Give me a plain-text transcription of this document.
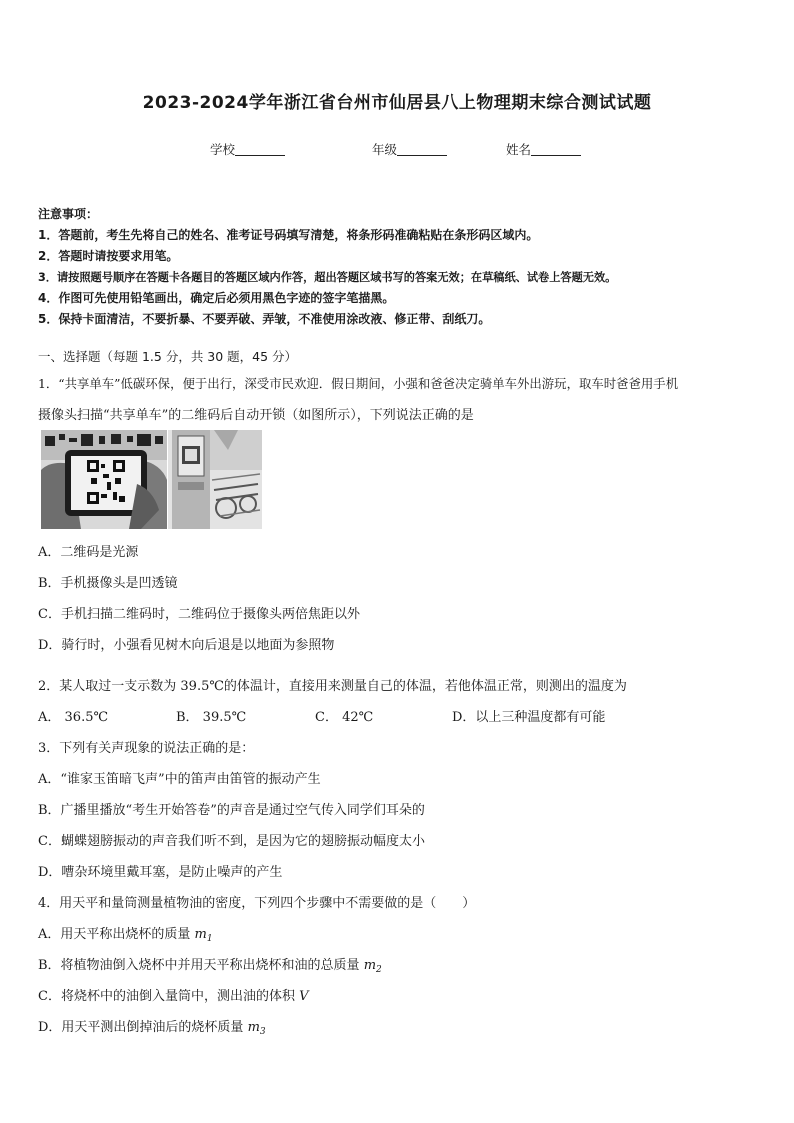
2023-2024学年浙江省台州市仙居县八上物理期末综合测试试题
学校	年级	姓名
注意事项：
1．答题前，考生先将自己的姓名、准考证号码填写清楚，将条形码准确粘贴在条形码区域内。
2．答题时请按要求用笔。
3．请按照题号顺序在答题卡各题目的答题区域内作答，超出答题区域书写的答案无效；在草稿纸、试卷上答题无效。
4．作图可先使用铅笔画出，确定后必须用黑色字迹的签字笔描黑。
5．保持卡面清洁，不要折暴、不要弄破、弄皱，不准使用涂改液、修正带、刮纸刀。
一、选择题（每题 1.5 分，共 30 题，45 分）
1．“共享单车”低碳环保，便于出行，深受市民欢迎．假日期间，小强和爸爸决定骑单车外出游玩，取车时爸爸用手机
摄像头扫描“共享单车”的二维码后自动开锁（如图所示），下列说法正确的是
A．二维码是光源
B．手机摄像头是凹透镜
C．手机扫描二维码时，二维码位于摄像头两倍焦距以外
D．骑行时，小强看见树木向后退是以地面为参照物
2．某人取过一支示数为 39.5℃的体温计，直接用来测量自己的体温，若他体温正常，则测出的温度为
A． 36.5℃	B． 39.5℃	C． 42℃	D．以上三种温度都有可能
3．下列有关声现象的说法正确的是：
A．“谁家玉笛暗飞声”中的笛声由笛管的振动产生
B．广播里播放“考生开始答卷”的声音是通过空气传入同学们耳朵的
C．蝴蝶翅膀振动的声音我们听不到，是因为它的翅膀振动幅度太小
D．嘈杂环境里戴耳塞，是防止噪声的产生
4．用天平和量筒测量植物油的密度，下列四个步骤中不需要做的是（　　）
A．用天平称出烧杯的质量 $m_1$
B．将植物油倒入烧杯中并用天平称出烧杯和油的总质量 $m_2$
C．将烧杯中的油倒入量筒中，测出油的体积 V
D．用天平测出倒掉油后的烧杯质量 $m_3$
